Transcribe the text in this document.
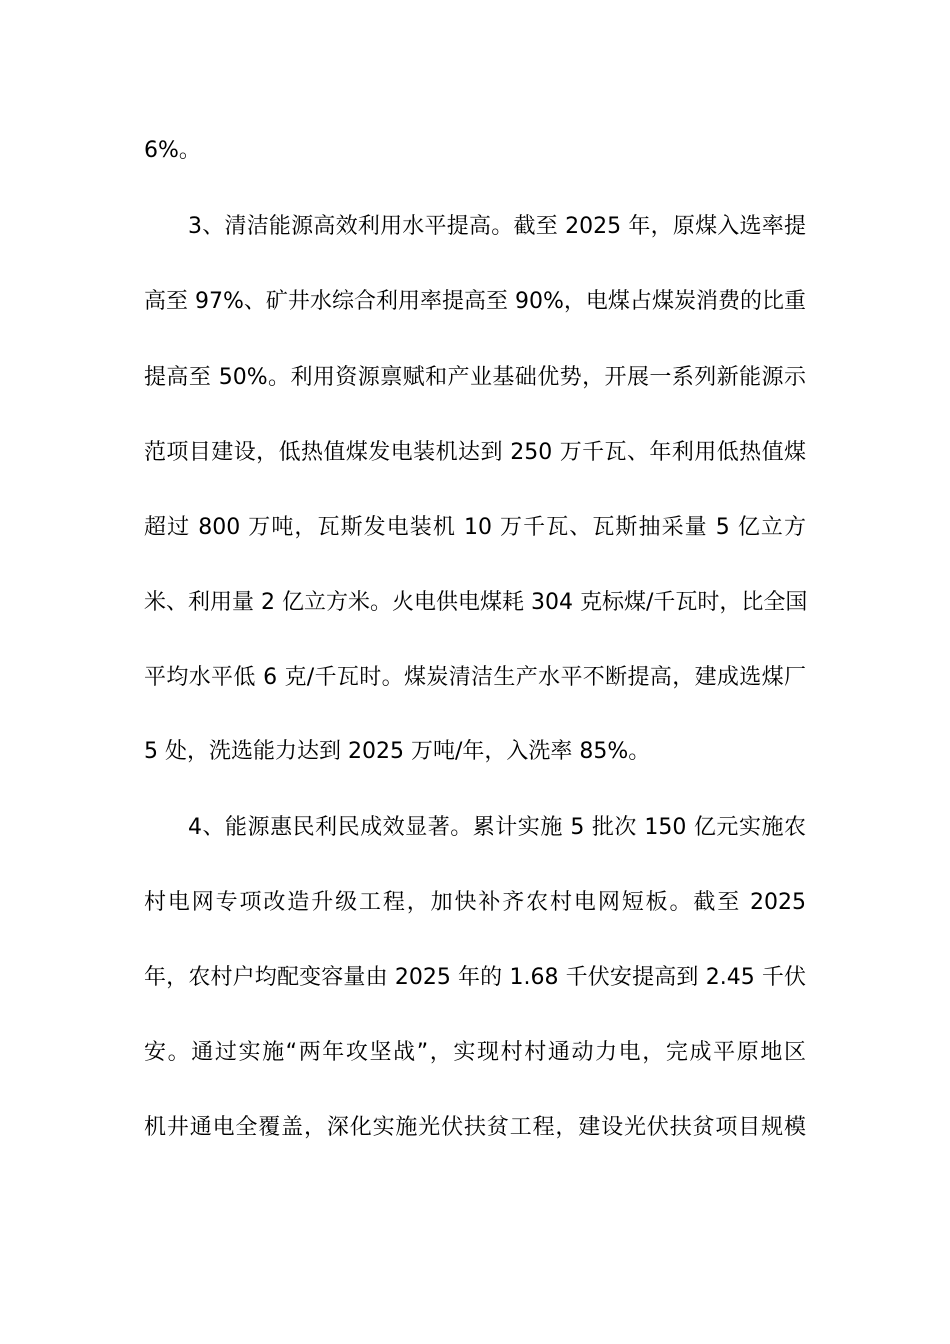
6%。
3、清洁能源高效利用水平提高。截至 2025 年，原煤入选率提
高至 97%、矿井水综合利用率提高至 90%，电煤占煤炭消费的比重
提高至 50%。利用资源禀赋和产业基础优势，开展一系列新能源示
范项目建设，低热值煤发电装机达到 250 万千瓦、年利用低热值煤
超过 800 万吨，瓦斯发电装机 10 万千瓦、瓦斯抽采量 5 亿立方
米、利用量 2 亿立方米。火电供电煤耗 304 克标煤/千瓦时，比全国
平均水平低 6 克/千瓦时。煤炭清洁生产水平不断提高，建成选煤厂
5 处，洗选能力达到 2025 万吨/年，入洗率 85%。
4、能源惠民利民成效显著。累计实施 5 批次 150 亿元实施农
村电网专项改造升级工程，加快补齐农村电网短板。截至 2025
年，农村户均配变容量由 2025 年的 1.68 千伏安提高到 2.45 千伏
安。通过实施“两年攻坚战”，实现村村通动力电，完成平原地区
机井通电全覆盖，深化实施光伏扶贫工程，建设光伏扶贫项目规模
